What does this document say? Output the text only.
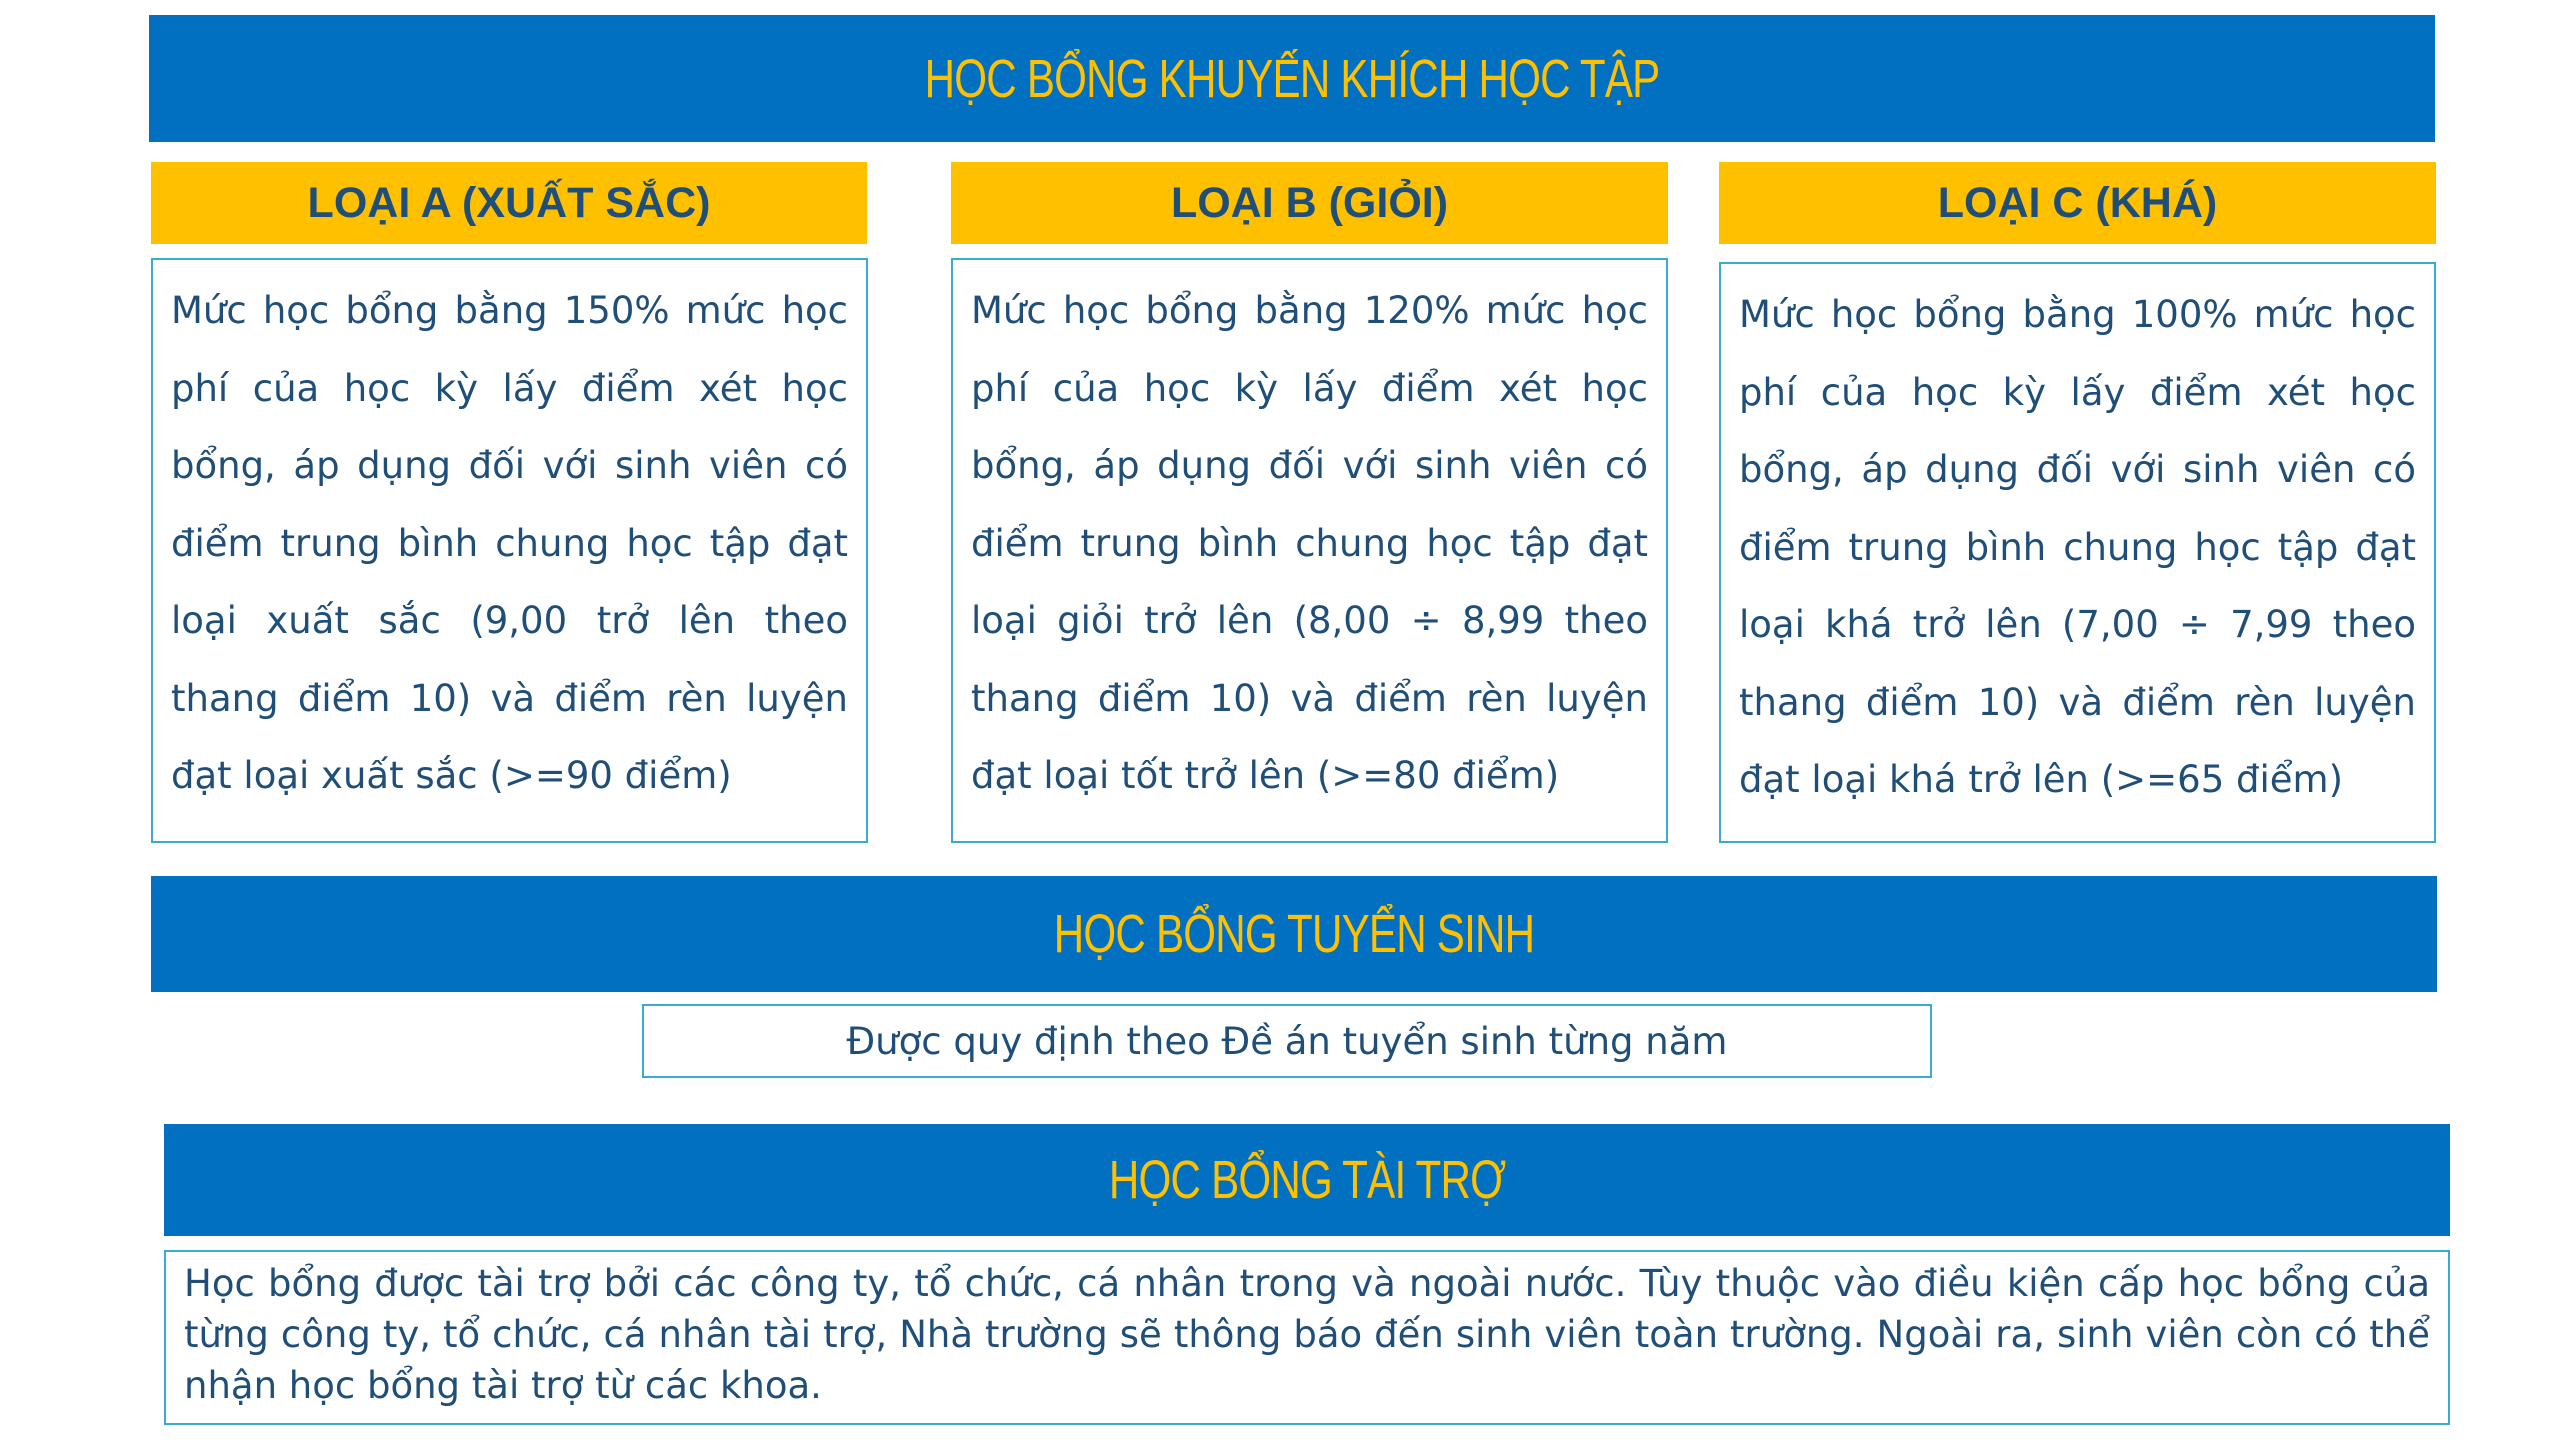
HỌC BỔNG KHUYẾN KHÍCH HỌC TẬP
LOẠI A (XUẤT SẮC)	LOẠI B (GIỎI)	LOẠI C (KHÁ)
Mức học bổng bằng 150% mức học phí của học kỳ lấy điểm xét học bổng, áp dụng đối với sinh viên có điểm trung bình chung học tập đạt loại xuất sắc (9,00 trở lên theo thang điểm 10) và điểm rèn luyện đạt loại xuất sắc (>=90 điểm)
Mức học bổng bằng 120% mức học phí của học kỳ lấy điểm xét học bổng, áp dụng đối với sinh viên có điểm trung bình chung học tập đạt loại giỏi trở lên (8,00 ÷ 8,99 theo thang điểm 10) và điểm rèn luyện đạt loại tốt trở lên (>=80 điểm)
Mức học bổng bằng 100% mức học phí của học kỳ lấy điểm xét học bổng, áp dụng đối với sinh viên có điểm trung bình chung học tập đạt loại khá trở lên (7,00 ÷ 7,99 theo thang điểm 10) và điểm rèn luyện đạt loại khá trở lên (>=65 điểm)
HỌC BỔNG TUYỂN SINH
Được quy định theo Đề án tuyển sinh từng năm
HỌC BỔNG TÀI TRỢ
Học bổng được tài trợ bởi các công ty, tổ chức, cá nhân trong và ngoài nước. Tùy thuộc vào điều kiện cấp học bổng của từng công ty, tổ chức, cá nhân tài trợ, Nhà trường sẽ thông báo đến sinh viên toàn trường. Ngoài ra, sinh viên còn có thể nhận học bổng tài trợ từ các khoa.
